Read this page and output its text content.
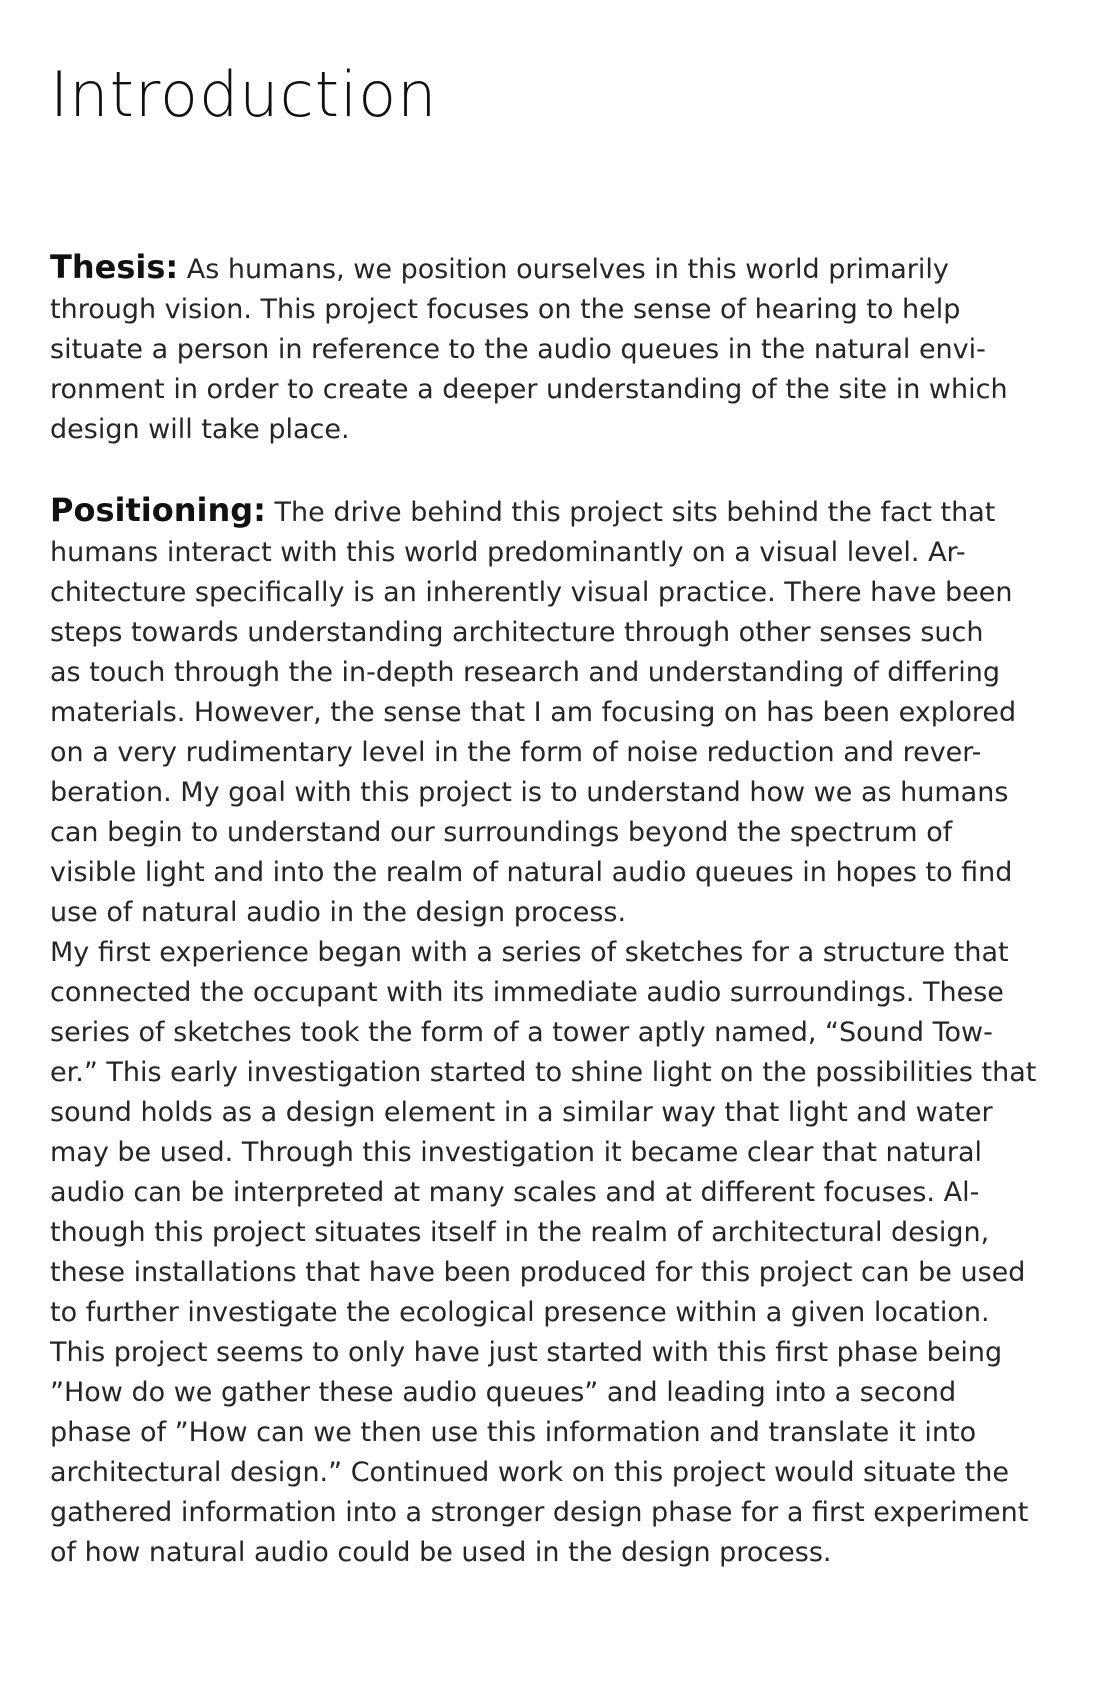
Introduction

Thesis: As humans, we position ourselves in this world primarily
through vision. This project focuses on the sense of hearing to help
situate a person in reference to the audio queues in the natural envi-
ronment in order to create a deeper understanding of the site in which
design will take place.

Positioning: The drive behind this project sits behind the fact that
humans interact with this world predominantly on a visual level. Ar-
chitecture specifically is an inherently visual practice. There have been
steps towards understanding architecture through other senses such
as touch through the in-depth research and understanding of differing
materials. However, the sense that I am focusing on has been explored
on a very rudimentary level in the form of noise reduction and rever-
beration. My goal with this project is to understand how we as humans
can begin to understand our surroundings beyond the spectrum of
visible light and into the realm of natural audio queues in hopes to find
use of natural audio in the design process.
My first experience began with a series of sketches for a structure that
connected the occupant with its immediate audio surroundings. These
series of sketches took the form of a tower aptly named, “Sound Tow-
er.” This early investigation started to shine light on the possibilities that
sound holds as a design element in a similar way that light and water
may be used. Through this investigation it became clear that natural
audio can be interpreted at many scales and at different focuses. Al-
though this project situates itself in the realm of architectural design,
these installations that have been produced for this project can be used
to further investigate the ecological presence within a given location.
This project seems to only have just started with this first phase being
”How do we gather these audio queues” and leading into a second
phase of ”How can we then use this information and translate it into
architectural design.” Continued work on this project would situate the
gathered information into a stronger design phase for a first experiment
of how natural audio could be used in the design process.
